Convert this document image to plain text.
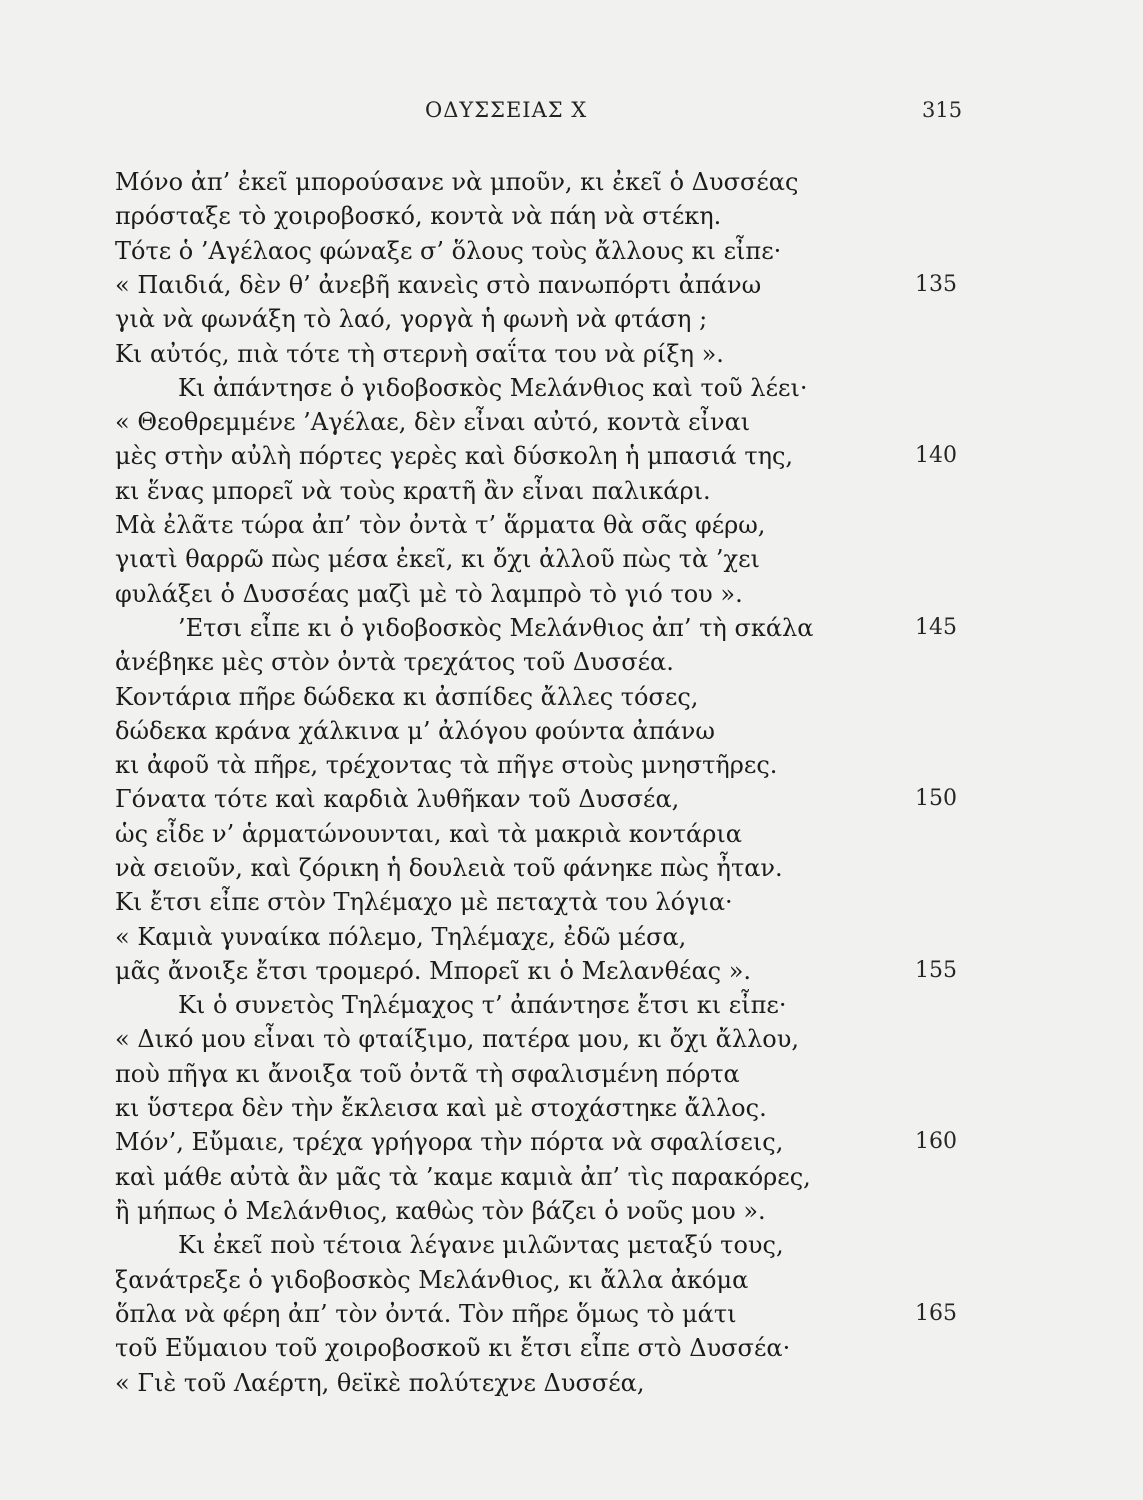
ΟΔΥΣΣΕΙΑΣ Χ	315
Μόνο ἀπ’ ἐκεῖ μπορούσανε νὰ μποῦν, κι ἐκεῖ ὁ Δυσσέας
πρόσταξε τὸ χοιροβοσκό, κοντὰ νὰ πάη νὰ στέκη.
Τότε ὁ ’Αγέλαος φώναξε σ’ ὅλους τοὺς ἄλλους κι εἶπε·
« Παιδιά, δὲν θ’ ἀνεβῆ κανεὶς στὸ πανωπόρτι ἀπάνω	135
γιὰ νὰ φωνάξη τὸ λαό, γοργὰ ἡ φωνὴ νὰ φτάση ;
Κι αὐτός, πιὰ τότε τὴ στερνὴ σαΐτα του νὰ ρίξη ».
Κι ἀπάντησε ὁ γιδοβοσκὸς Μελάνθιος καὶ τοῦ λέει·
« Θεοθρεμμένε ’Αγέλαε, δὲν εἶναι αὐτό, κοντὰ εἶναι
μὲς στὴν αὐλὴ πόρτες γερὲς καὶ δύσκολη ἡ μπασιά της,	140
κι ἕνας μπορεῖ νὰ τοὺς κρατῆ ἂν εἶναι παλικάρι.
Μὰ ἐλᾶτε τώρα ἀπ’ τὸν ὀντὰ τ’ ἅρματα θὰ σᾶς φέρω,
γιατὶ θαρρῶ πὼς μέσα ἐκεῖ, κι ὄχι ἀλλοῦ πὼς τὰ ’χει
φυλάξει ὁ Δυσσέας μαζὶ μὲ τὸ λαμπρὸ τὸ γιό του ».
’Ετσι εἶπε κι ὁ γιδοβοσκὸς Μελάνθιος ἀπ’ τὴ σκάλα	145
ἀνέβηκε μὲς στὸν ὀντὰ τρεχάτος τοῦ Δυσσέα.
Κοντάρια πῆρε δώδεκα κι ἀσπίδες ἄλλες τόσες,
δώδεκα κράνα χάλκινα μ’ ἀλόγου φούντα ἀπάνω
κι ἀφοῦ τὰ πῆρε, τρέχοντας τὰ πῆγε στοὺς μνηστῆρες.
Γόνατα τότε καὶ καρδιὰ λυθῆκαν τοῦ Δυσσέα,	150
ὡς εἶδε ν’ ἁρματώνουνται, καὶ τὰ μακριὰ κοντάρια
νὰ σειοῦν, καὶ ζόρικη ἡ δουλειὰ τοῦ φάνηκε πὼς ἦταν.
Κι ἔτσι εἶπε στὸν Τηλέμαχο μὲ πεταχτὰ του λόγια·
« Καμιὰ γυναίκα πόλεμο, Τηλέμαχε, ἐδῶ μέσα,
μᾶς ἄνοιξε ἔτσι τρομερό. Μπορεῖ κι ὁ Μελανθέας ».	155
Κι ὁ συνετὸς Τηλέμαχος τ’ ἀπάντησε ἔτσι κι εἶπε·
« Δικό μου εἶναι τὸ φταίξιμο, πατέρα μου, κι ὄχι ἄλλου,
ποὺ πῆγα κι ἄνοιξα τοῦ ὀντᾶ τὴ σφαλισμένη πόρτα
κι ὕστερα δὲν τὴν ἔκλεισα καὶ μὲ στοχάστηκε ἄλλος.
Μόν’, Εὔμαιε, τρέχα γρήγορα τὴν πόρτα νὰ σφαλίσεις,	160
καὶ μάθε αὐτὰ ἂν μᾶς τὰ ’καμε καμιὰ ἀπ’ τὶς παρακόρες,
ἢ μήπως ὁ Μελάνθιος, καθὼς τὸν βάζει ὁ νοῦς μου ».
Κι ἐκεῖ ποὺ τέτοια λέγανε μιλῶντας μεταξύ τους,
ξανάτρεξε ὁ γιδοβοσκὸς Μελάνθιος, κι ἄλλα ἀκόμα
ὅπλα νὰ φέρη ἀπ’ τὸν ὀντά. Τὸν πῆρε ὅμως τὸ μάτι	165
τοῦ Εὔμαιου τοῦ χοιροβοσκοῦ κι ἔτσι εἶπε στὸ Δυσσέα·
« Γιὲ τοῦ Λαέρτη, θεϊκὲ πολύτεχνε Δυσσέα,
